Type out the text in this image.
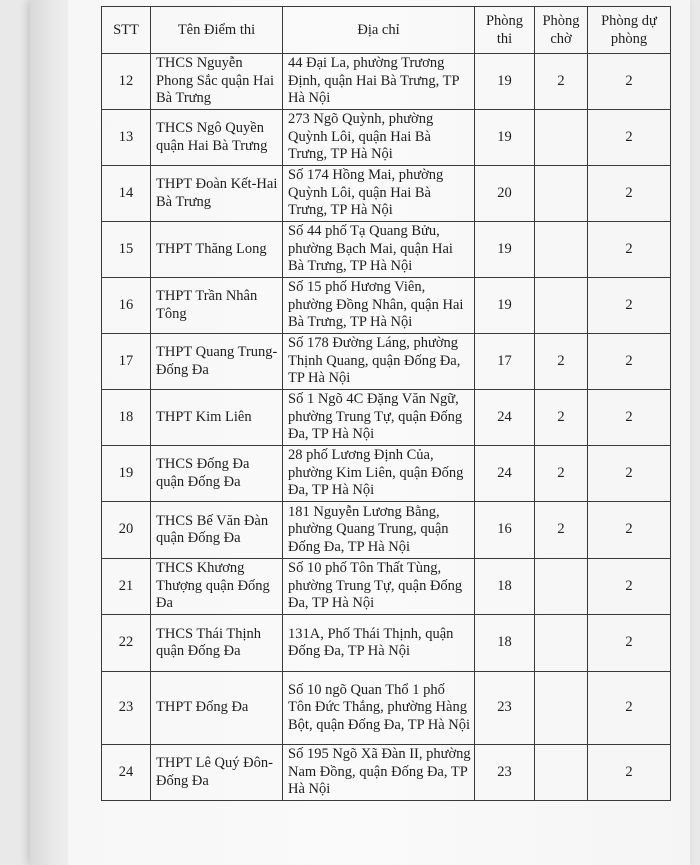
STT	Tên Điểm thi	Địa chỉ	Phòng thi	Phòng chờ	Phòng dự phòng
12	THCS Nguyễn Phong Sắc quận Hai Bà Trưng	44 Đại La, phường Trương Định, quận Hai Bà Trưng, TP Hà Nội	19	2	2
13	THCS Ngô Quyền quận Hai Bà Trưng	273 Ngõ Quỳnh, phường Quỳnh Lôi, quận Hai Bà Trưng, TP Hà Nội	19		2
14	THPT Đoàn Kết-Hai Bà Trưng	Số 174 Hồng Mai, phường Quỳnh Lôi, quận Hai Bà Trưng, TP Hà Nội	20		2
15	THPT Thăng Long	Số 44 phố Tạ Quang Bửu, phường Bạch Mai, quận Hai Bà Trưng, TP Hà Nội	19		2
16	THPT Trần Nhân Tông	Số 15 phố Hương Viên, phường Đồng Nhân, quận Hai Bà Trưng, TP Hà Nội	19		2
17	THPT Quang Trung-Đống Đa	Số 178 Đường Láng, phường Thịnh Quang, quận Đống Đa, TP Hà Nội	17	2	2
18	THPT Kim Liên	Số 1 Ngõ 4C Đặng Văn Ngữ, phường Trung Tự, quận Đống Đa, TP Hà Nội	24	2	2
19	THCS Đống Đa quận Đống Đa	28 phố Lương Định Của, phường Kim Liên, quận Đống Đa, TP Hà Nội	24	2	2
20	THCS Bế Văn Đàn quận Đống Đa	181 Nguyễn Lương Bằng, phường Quang Trung, quận Đống Đa, TP Hà Nội	16	2	2
21	THCS Khương Thượng quận Đống Đa	Số 10 phố Tôn Thất Tùng, phường Trung Tự, quận Đống Đa, TP Hà Nội	18		2
22	THCS Thái Thịnh quận Đống Đa	131A, Phố Thái Thịnh, quận Đống Đa, TP Hà Nội	18		2
23	THPT Đống Đa	Số 10 ngõ Quan Thổ 1 phố Tôn Đức Thắng, phường Hàng Bột, quận Đống Đa, TP Hà Nội	23		2
24	THPT Lê Quý Đôn-Đống Đa	Số 195 Ngõ Xã Đàn II, phường Nam Đồng, quận Đống Đa, TP Hà Nội	23		2
